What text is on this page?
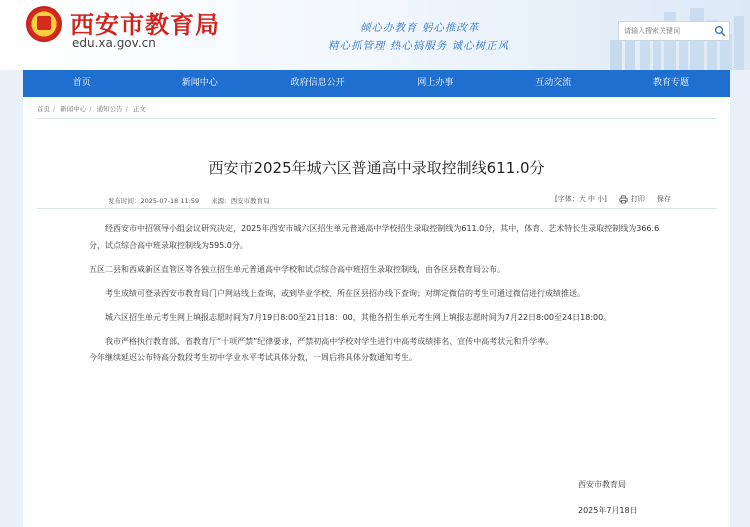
西安市教育局
edu.xa.gov.cn
倾心办教育 躬心推改革
精心抓管理 热心搞服务 诚心树正风
请输入搜索关键词
首页	新闻中心	政府信息公开	网上办事	互动交流	教育专题
首页 / 新闻中心 / 通知公告 / 正文
西安市2025年城六区普通高中录取控制线611.0分
发布时间：2025-07-18 11:59 来源：西安市教育局	[字体：大 中 小]	打印 保存

经西安市中招领导小组会议研究决定，2025年西安市城六区招生单元普通高中学校招生录取控制线为611.0分，其中，体育、艺术特长生录取控制线为366.6分，试点综合高中班录取控制线为595.0分。

五区二县和西咸新区直管区等各独立招生单元普通高中学校和试点综合高中班招生录取控制线，由各区县教育局公布。

考生成绩可登录西安市教育局门户网站线上查询，或到毕业学校、所在区县招办线下查询；对绑定微信的考生可通过微信进行成绩推送。

城六区招生单元考生网上填报志愿时间为7月19日8:00至21日18：00，其他各招生单元考生网上填报志愿时间为7月22日8:00至24日18:00。

我市严格执行教育部、省教育厅“十项严禁”纪律要求，严禁初高中学校对学生进行中高考成绩排名、宣传中高考状元和升学率。

今年继续延迟公布特高分数段考生初中学业水平考试具体分数，一周后将具体分数通知考生。

西安市教育局
2025年7月18日
